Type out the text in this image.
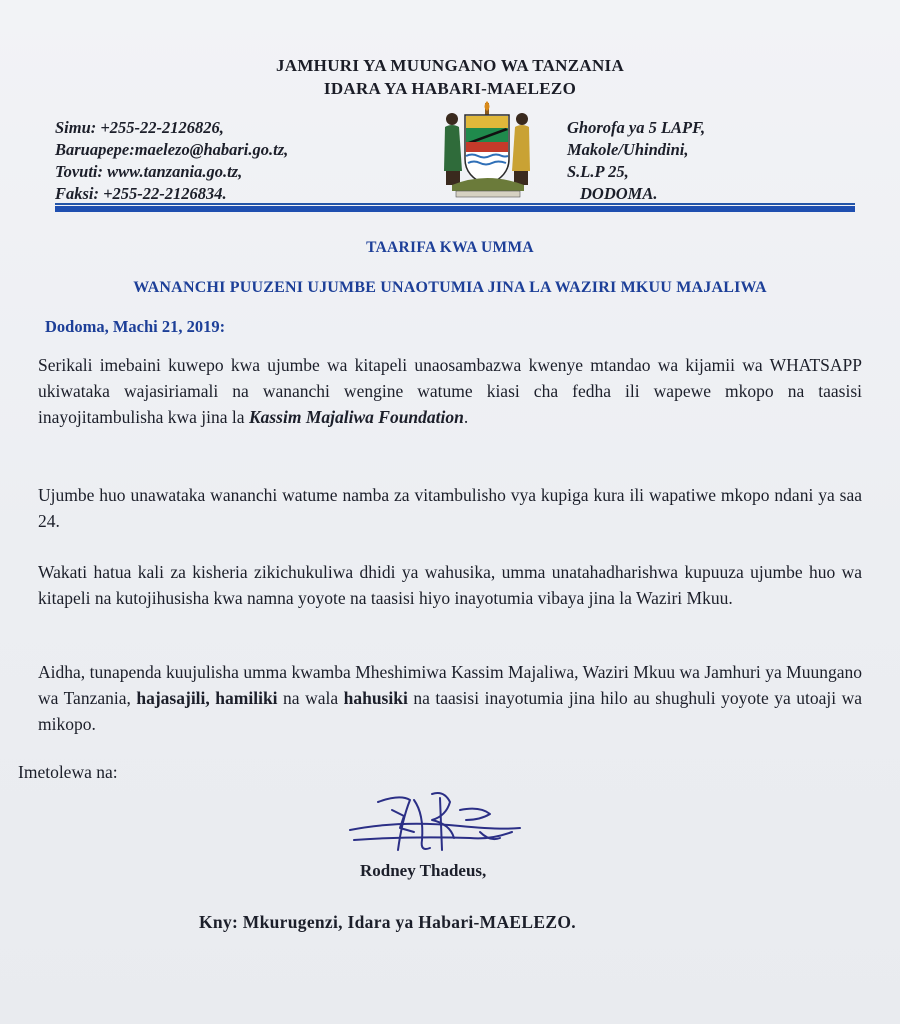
JAMHURI YA MUUNGANO WA TANZANIA
IDARA YA HABARI-MAELEZO
Simu: +255-22-2126826,
Baruapepe:maelezo@habari.go.tz,
Tovuti: www.tanzania.go.tz,
Faksi: +255-22-2126834.
Ghorofa ya 5 LAPF,
Makole/Uhindini,
S.L.P 25,
DODOMA.
TAARIFA KWA UMMA
WANANCHI PUUZENI UJUMBE UNAOTUMIA JINA LA WAZIRI MKUU MAJALIWA
Dodoma, Machi 21, 2019:
Serikali imebaini kuwepo kwa ujumbe wa kitapeli unaosambazwa kwenye mtandao wa kijamii wa WHATSAPP ukiwataka wajasiriamali na wananchi wengine watume kiasi cha fedha ili wapewe mkopo na taasisi inayojitambulisha kwa jina la Kassim Majaliwa Foundation.
Ujumbe huo unawataka wananchi watume namba za vitambulisho vya kupiga kura ili wapatiwe mkopo ndani ya saa 24.
Wakati hatua kali za kisheria zikichukuliwa dhidi ya wahusika, umma unatahadharishwa kupuuza ujumbe huo wa kitapeli na kutojihusisha kwa namna yoyote na taasisi hiyo inayotumia vibaya jina la Waziri Mkuu.
Aidha, tunapenda kuujulisha umma kwamba Mheshimiwa Kassim Majaliwa, Waziri Mkuu wa Jamhuri ya Muungano wa Tanzania, hajasajili, hamiliki na wala hahusiki na taasisi inayotumia jina hilo au shughuli yoyote ya utoaji wa mikopo.
Imetolewa na:
Rodney Thadeus,
Kny: Mkurugenzi, Idara ya Habari-MAELEZO.
